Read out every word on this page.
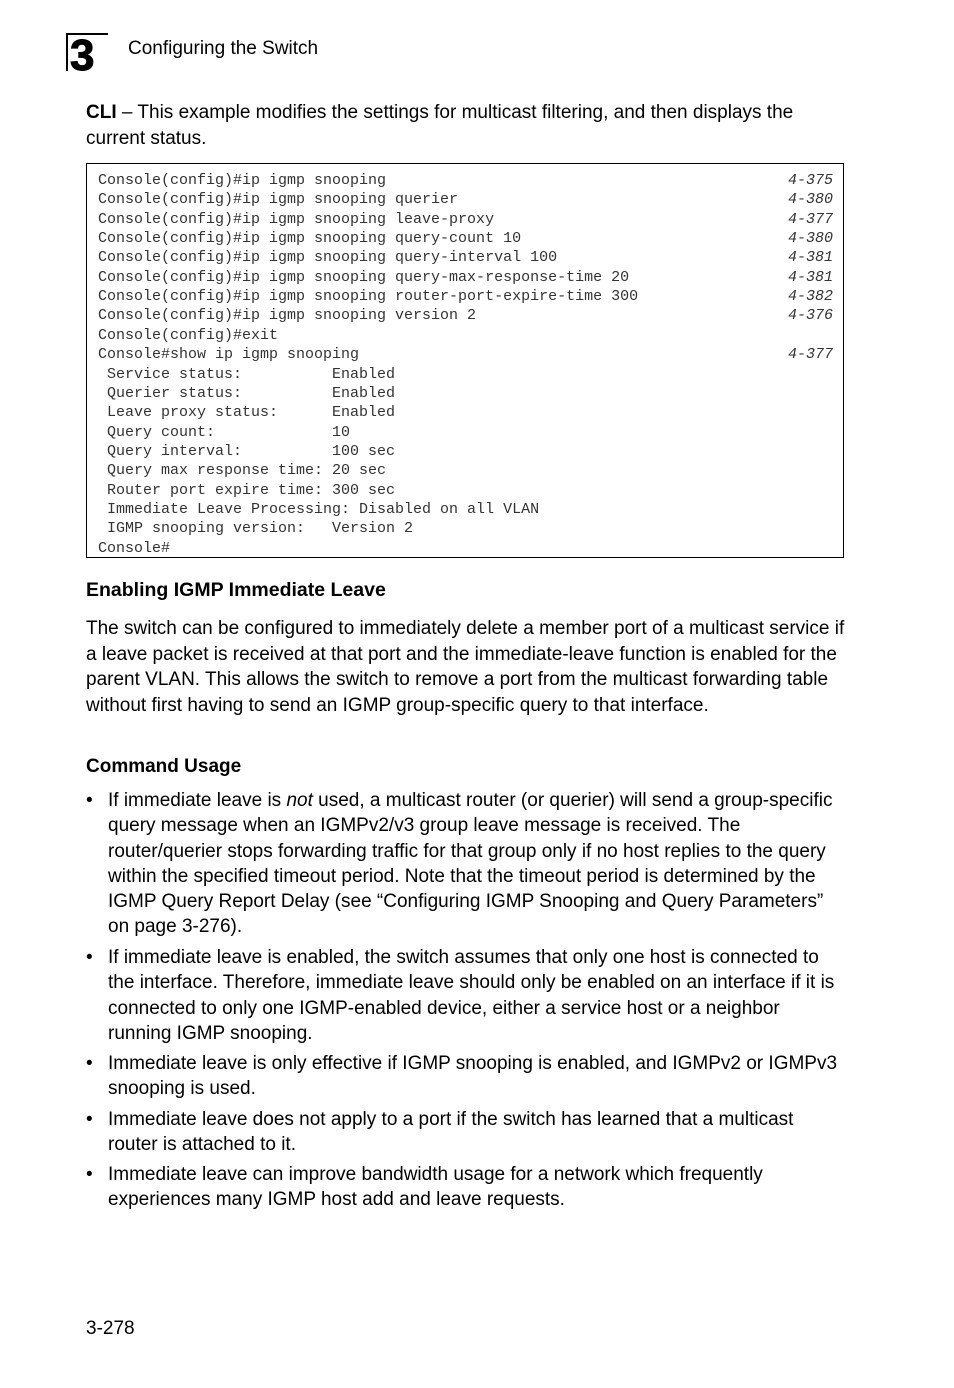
3 Configuring the Switch
CLI – This example modifies the settings for multicast filtering, and then displays the current status.
Console(config)#ip igmp snooping	4-375
Console(config)#ip igmp snooping querier	4-380
Console(config)#ip igmp snooping leave-proxy	4-377
Console(config)#ip igmp snooping query-count 10	4-380
Console(config)#ip igmp snooping query-interval 100	4-381
Console(config)#ip igmp snooping query-max-response-time 20	4-381
Console(config)#ip igmp snooping router-port-expire-time 300	4-382
Console(config)#ip igmp snooping version 2	4-376
Console(config)#exit
Console#show ip igmp snooping	4-377
Service status:          Enabled
Querier status:          Enabled
Leave proxy status:      Enabled
Query count:             10
Query interval:          100 sec
Query max response time: 20 sec
Router port expire time: 300 sec
Immediate Leave Processing: Disabled on all VLAN
IGMP snooping version:   Version 2
Console#
Enabling IGMP Immediate Leave
The switch can be configured to immediately delete a member port of a multicast service if a leave packet is received at that port and the immediate-leave function is enabled for the parent VLAN. This allows the switch to remove a port from the multicast forwarding table without first having to send an IGMP group-specific query to that interface.
Command Usage
• If immediate leave is not used, a multicast router (or querier) will send a group-specific query message when an IGMPv2/v3 group leave message is received. The router/querier stops forwarding traffic for that group only if no host replies to the query within the specified timeout period. Note that the timeout period is determined by the IGMP Query Report Delay (see “Configuring IGMP Snooping and Query Parameters” on page 3-276).
• If immediate leave is enabled, the switch assumes that only one host is connected to the interface. Therefore, immediate leave should only be enabled on an interface if it is connected to only one IGMP-enabled device, either a service host or a neighbor running IGMP snooping.
• Immediate leave is only effective if IGMP snooping is enabled, and IGMPv2 or IGMPv3 snooping is used.
• Immediate leave does not apply to a port if the switch has learned that a multicast router is attached to it.
• Immediate leave can improve bandwidth usage for a network which frequently experiences many IGMP host add and leave requests.
3-278
